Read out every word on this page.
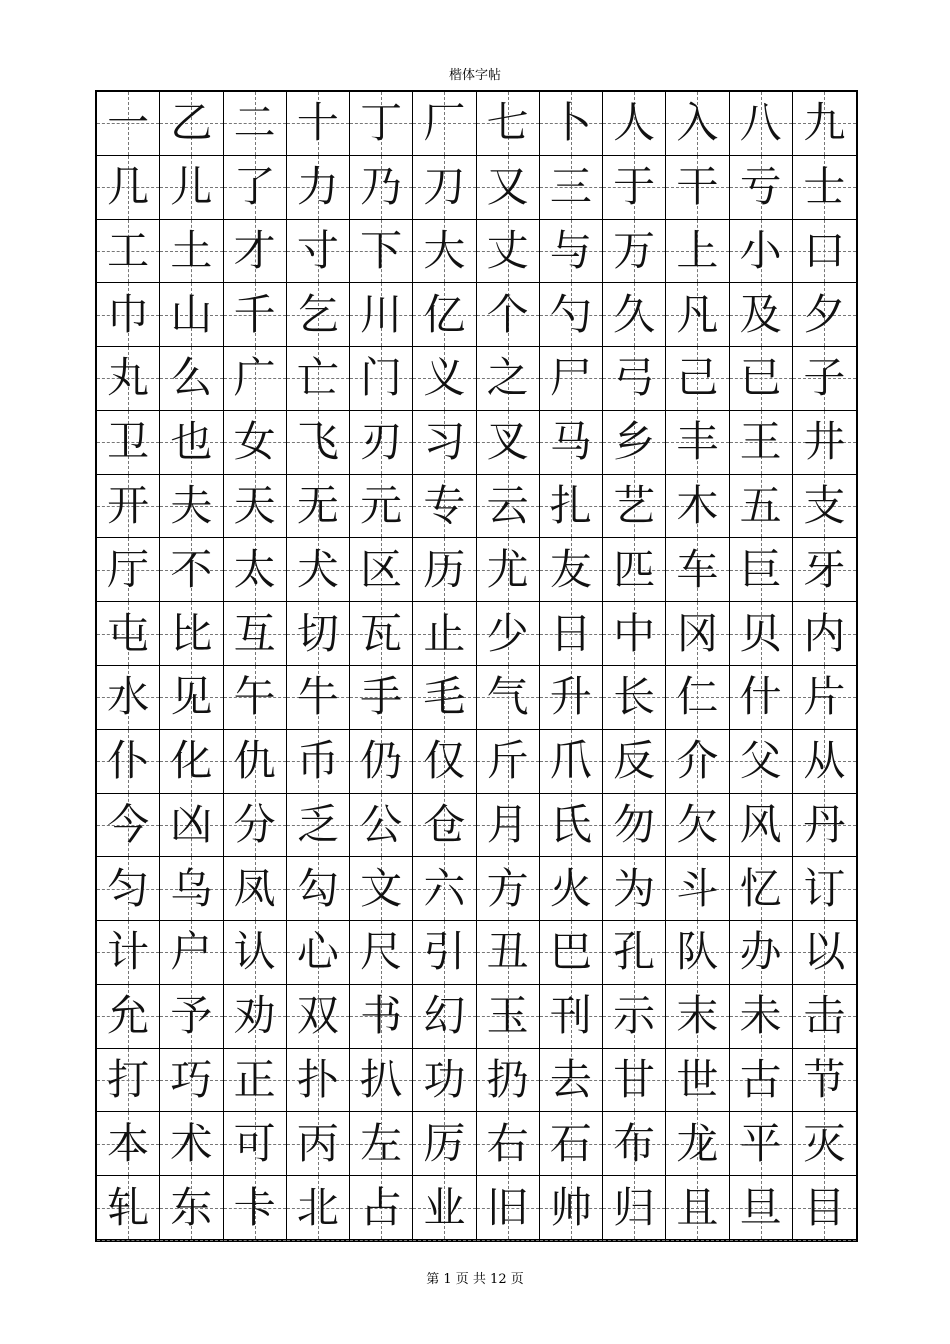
楷体字帖
一 乙 二 十 丁 厂 七 卜 人 入 八 九
几 儿 了 力 乃 刀 又 三 于 干 亏 士
工 土 才 寸 下 大 丈 与 万 上 小 口
巾 山 千 乞 川 亿 个 勺 久 凡 及 夕
丸 么 广 亡 门 义 之 尸 弓 己 已 子
卫 也 女 飞 刃 习 叉 马 乡 丰 王 井
开 夫 天 无 元 专 云 扎 艺 木 五 支
厅 不 太 犬 区 历 尤 友 匹 车 巨 牙
屯 比 互 切 瓦 止 少 日 中 冈 贝 内
水 见 午 牛 手 毛 气 升 长 仁 什 片
仆 化 仇 币 仍 仅 斤 爪 反 介 父 从
今 凶 分 乏 公 仓 月 氏 勿 欠 风 丹
匀 乌 凤 勾 文 六 方 火 为 斗 忆 订
计 户 认 心 尺 引 丑 巴 孔 队 办 以
允 予 劝 双 书 幻 玉 刊 示 末 未 击
打 巧 正 扑 扒 功 扔 去 甘 世 古 节
本 术 可 丙 左 厉 右 石 布 龙 平 灭
轧 东 卡 北 占 业 旧 帅 归 且 旦 目
第 1 页 共 12 页
